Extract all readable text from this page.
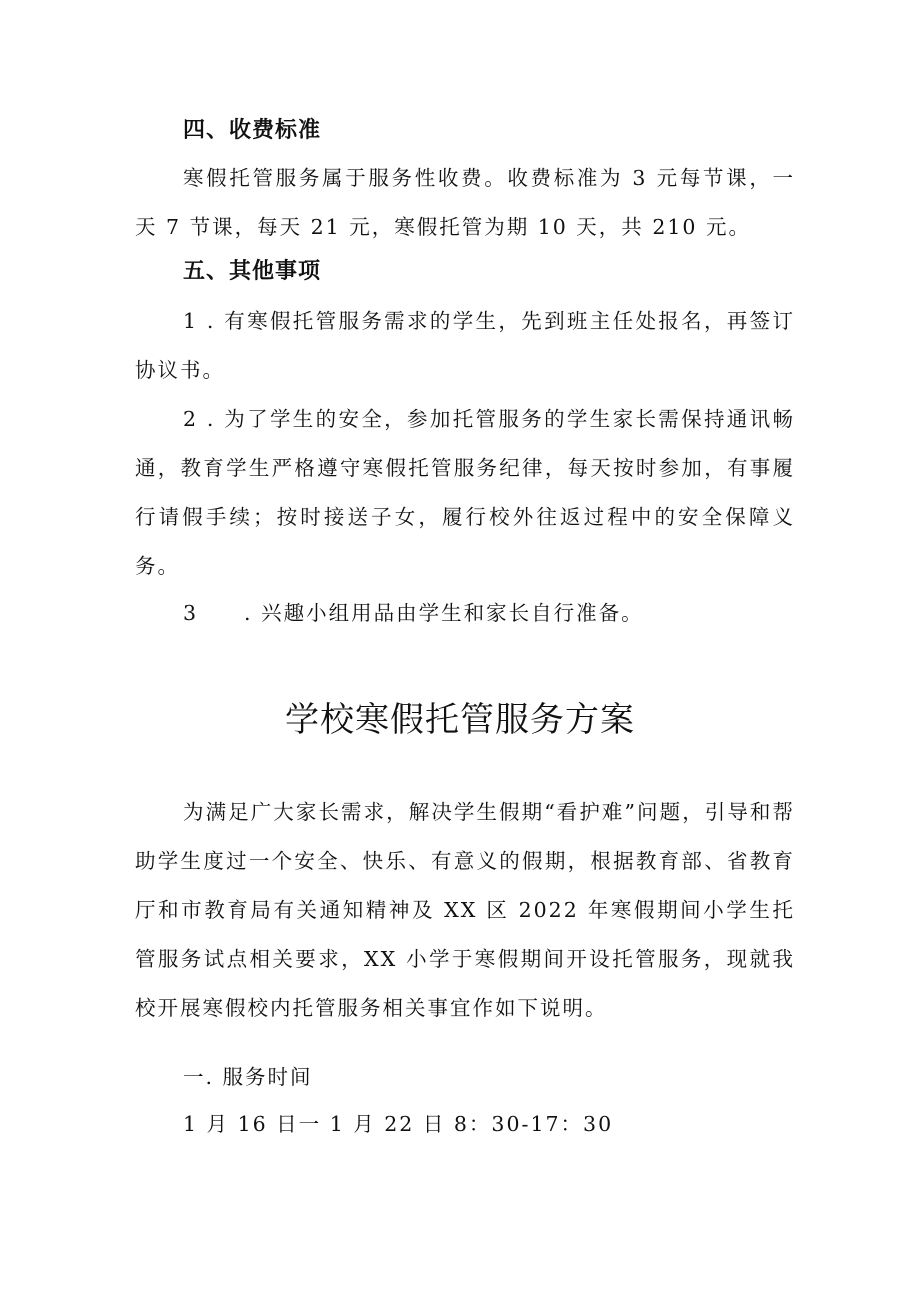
四、收费标准

寒假托管服务属于服务性收费。收费标准为 3 元每节课，一天 7 节课，每天 21 元，寒假托管为期 10 天，共 210 元。

五、其他事项

1 . 有寒假托管服务需求的学生，先到班主任处报名，再签订协议书。

2 . 为了学生的安全，参加托管服务的学生家长需保持通讯畅通，教育学生严格遵守寒假托管服务纪律，每天按时参加，有事履行请假手续；按时接送子女，履行校外往返过程中的安全保障义务。

3 . 兴趣小组用品由学生和家长自行准备。
学校寒假托管服务方案

为满足广大家长需求，解决学生假期“看护难”问题，引导和帮助学生度过一个安全、快乐、有意义的假期，根据教育部、省教育厅和市教育局有关通知精神及 XX 区 2022 年寒假期间小学生托管服务试点相关要求，XX 小学于寒假期间开设托管服务，现就我校开展寒假校内托管服务相关事宜作如下说明。

一. 服务时间
1 月 16 日一 1 月 22 日 8：30-17：30
